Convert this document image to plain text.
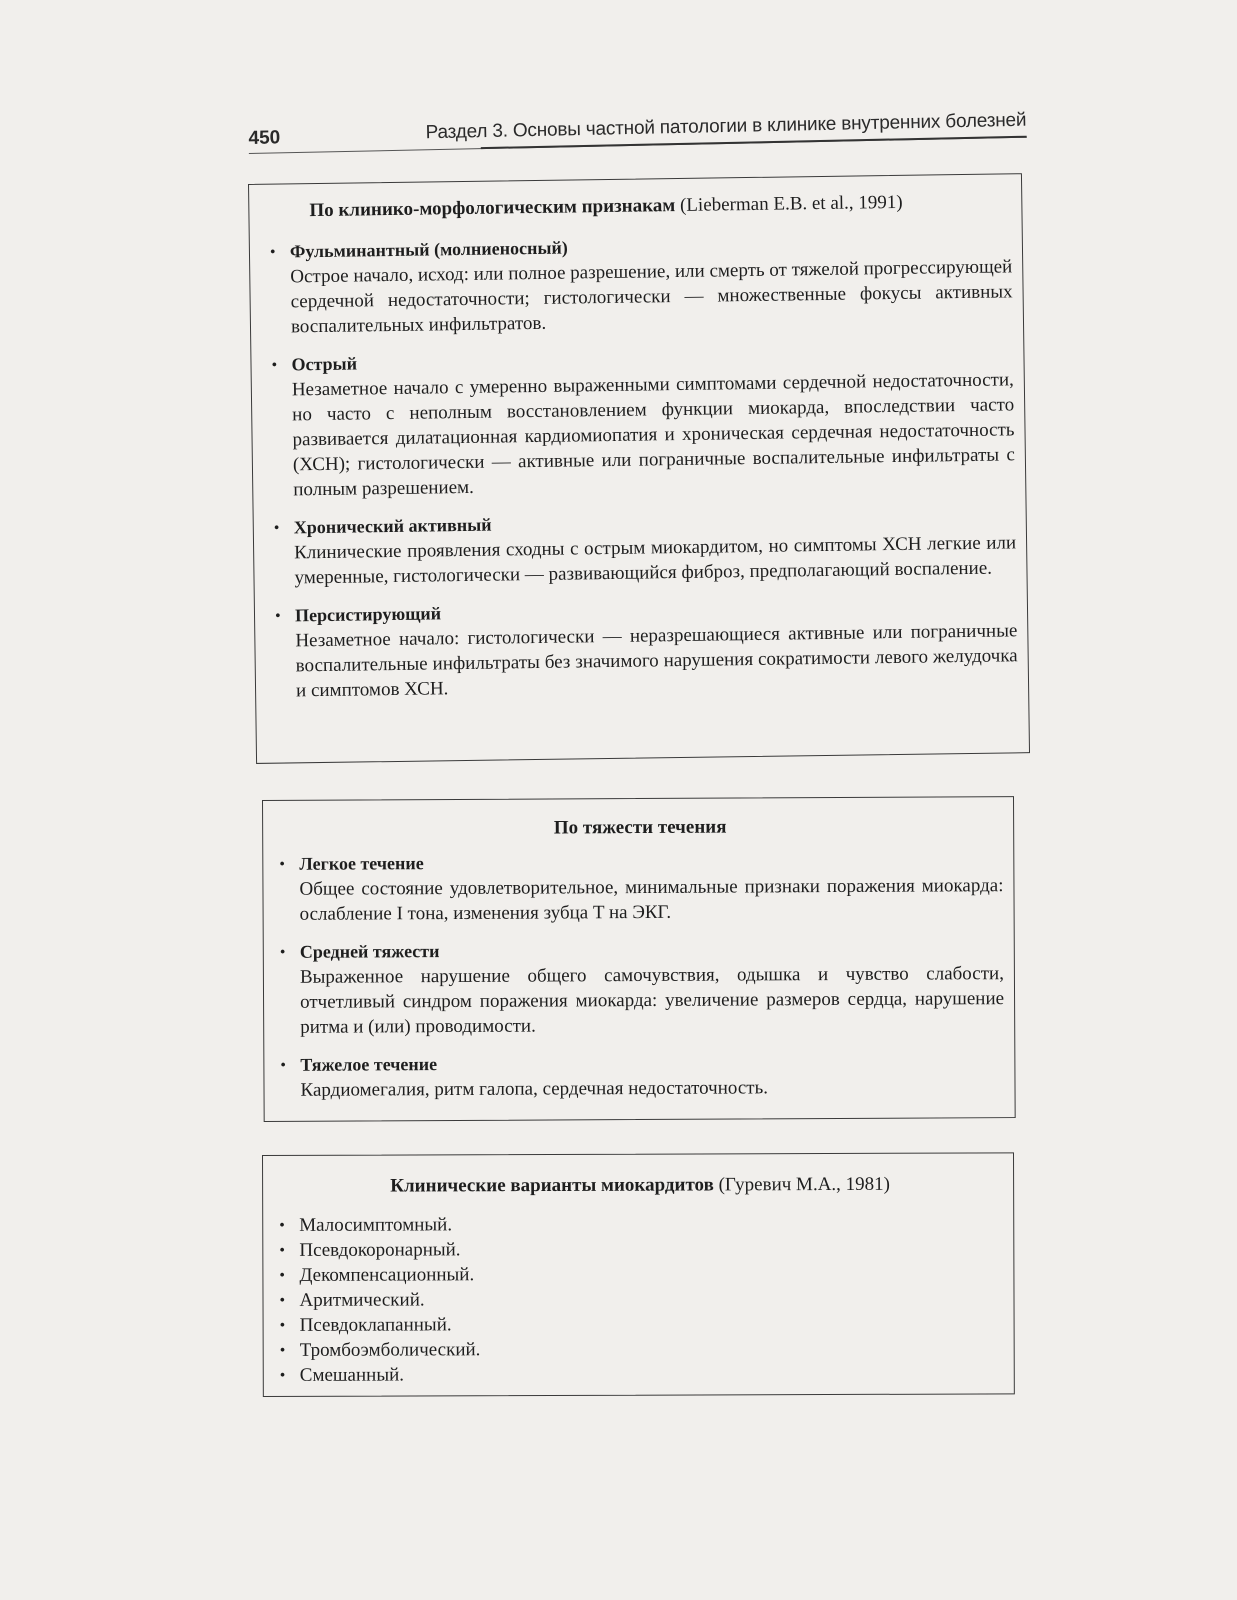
450	Раздел 3. Основы частной патологии в клинике внутренних болезней
По клинико-морфологическим признакам (Lieberman E.B. et al., 1991)
• Фульминантный (молниеносный)
Острое начало, исход: или полное разрешение, или смерть от тяжелой прогрессирующей сердечной недостаточности; гистологически — множественные фокусы активных воспалительных инфильтратов.
• Острый
Незаметное начало с умеренно выраженными симптомами сердечной недостаточности, но часто с неполным восстановлением функции миокарда, впоследствии часто развивается дилатационная кардиомиопатия и хроническая сердечная недостаточность (ХСН); гистологически — активные или пограничные воспалительные инфильтраты с полным разрешением.
• Хронический активный
Клинические проявления сходны с острым миокардитом, но симптомы ХСН легкие или умеренные, гистологически — развивающийся фиброз, предполагающий воспаление.
• Персистирующий
Незаметное начало: гистологически — неразрешающиеся активные или пограничные воспалительные инфильтраты без значимого нарушения сократимости левого желудочка и симптомов ХСН.
По тяжести течения
• Легкое течение
Общее состояние удовлетворительное, минимальные признаки поражения миокарда: ослабление I тона, изменения зубца T на ЭКГ.
• Средней тяжести
Выраженное нарушение общего самочувствия, одышка и чувство слабости, отчетливый синдром поражения миокарда: увеличение размеров сердца, нарушение ритма и (или) проводимости.
• Тяжелое течение
Кардиомегалия, ритм галопа, сердечная недостаточность.
Клинические варианты миокардитов (Гуревич М.А., 1981)
• Малосимптомный.
• Псевдокоронарный.
• Декомпенсационный.
• Аритмический.
• Псевдоклапанный.
• Тромбоэмболический.
• Смешанный.
